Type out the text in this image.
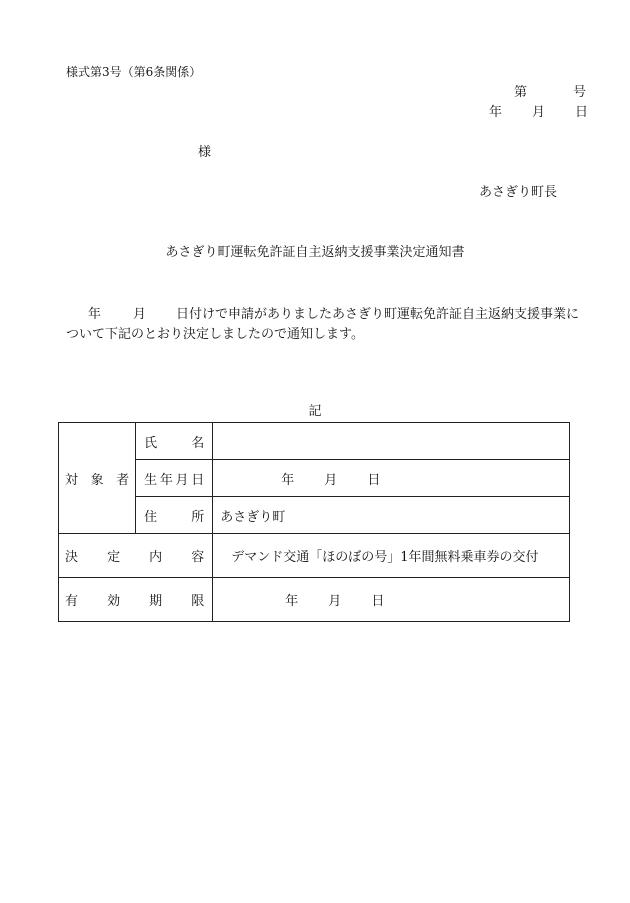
様式第3号（第6条関係）
第	号
年 月 日
様
あさぎり町長
あさぎり町運転免許証自主返納支援事業決定通知書
年 月 日付けで申請がありましたあさぎり町運転免許証自主返納支援事業について下記のとおり決定しましたので通知します。
記
対 象 者	氏 名	

	生 年 月 日	年 月 日

	住 所	あさぎり町

決 定 内 容		デマンド交通「ほのぼの号」1年間無料乗車券の交付

有 効 期 限		年 月 日
